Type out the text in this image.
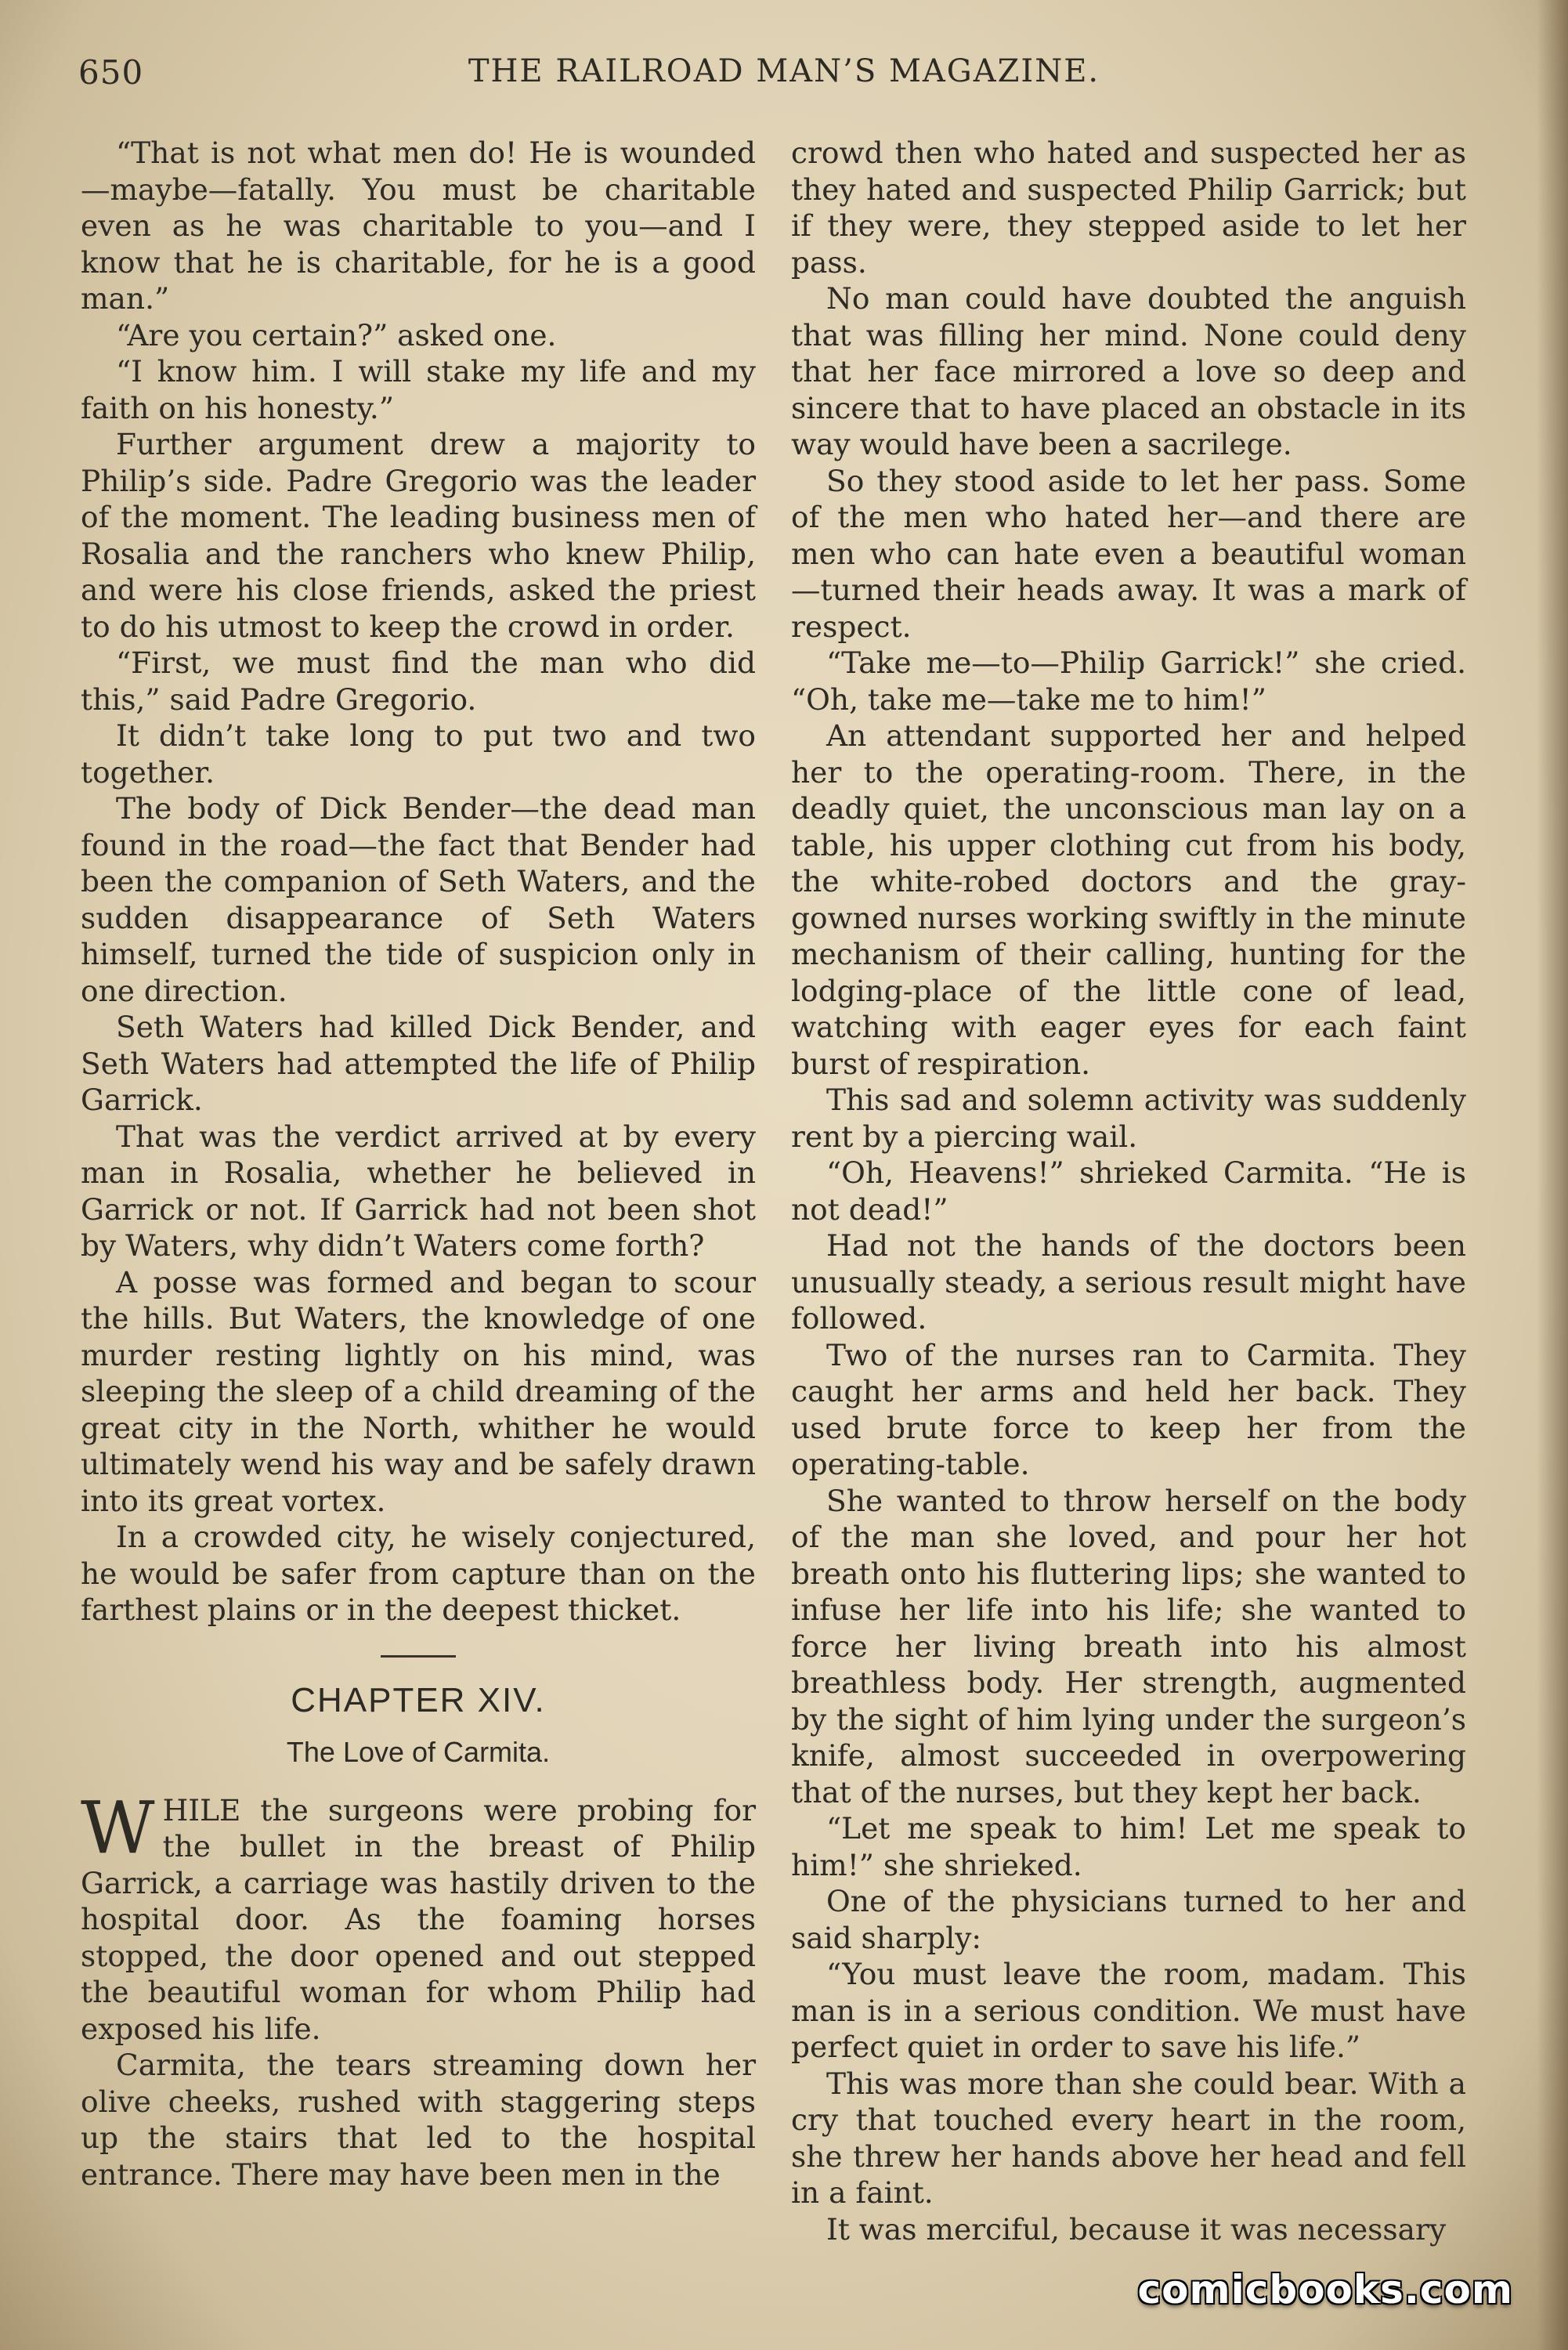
650	THE RAILROAD MAN’S MAGAZINE.

“That is not what men do! He is wounded —maybe—fatally. You must be charitable even as he was charitable to you—and I know that he is charitable, for he is a good man.”

“Are you certain?” asked one.

“I know him. I will stake my life and my faith on his honesty.”

Further argument drew a majority to Philip’s side. Padre Gregorio was the leader of the moment. The leading business men of Rosalia and the ranchers who knew Philip, and were his close friends, asked the priest to do his utmost to keep the crowd in order.

“First, we must find the man who did this,” said Padre Gregorio.

It didn’t take long to put two and two together.

The body of Dick Bender—the dead man found in the road—the fact that Bender had been the companion of Seth Waters, and the sudden disappearance of Seth Waters himself, turned the tide of suspicion only in one direction.

Seth Waters had killed Dick Bender, and Seth Waters had attempted the life of Philip Garrick.

That was the verdict arrived at by every man in Rosalia, whether he believed in Garrick or not. If Garrick had not been shot by Waters, why didn’t Waters come forth?

A posse was formed and began to scour the hills. But Waters, the knowledge of one murder resting lightly on his mind, was sleeping the sleep of a child dreaming of the great city in the North, whither he would ultimately wend his way and be safely drawn into its great vortex.

In a crowded city, he wisely conjectured, he would be safer from capture than on the farthest plains or in the deepest thicket.

CHAPTER XIV.
The Love of Carmita.

WHILE the surgeons were probing for the bullet in the breast of Philip Garrick, a carriage was hastily driven to the hospital door. As the foaming horses stopped, the door opened and out stepped the beautiful woman for whom Philip had exposed his life.

Carmita, the tears streaming down her olive cheeks, rushed with staggering steps up the stairs that led to the hospital entrance. There may have been men in the

crowd then who hated and suspected her as they hated and suspected Philip Garrick; but if they were, they stepped aside to let her pass.

No man could have doubted the anguish that was filling her mind. None could deny that her face mirrored a love so deep and sincere that to have placed an obstacle in its way would have been a sacrilege.

So they stood aside to let her pass. Some of the men who hated her—and there are men who can hate even a beautiful woman —turned their heads away. It was a mark of respect.

“Take me—to—Philip Garrick!” she cried. “Oh, take me—take me to him!”

An attendant supported her and helped her to the operating-room. There, in the deadly quiet, the unconscious man lay on a table, his upper clothing cut from his body, the white-robed doctors and the gray-gowned nurses working swiftly in the minute mechanism of their calling, hunting for the lodging-place of the little cone of lead, watching with eager eyes for each faint burst of respiration.

This sad and solemn activity was suddenly rent by a piercing wail.

“Oh, Heavens!” shrieked Carmita. “He is not dead!”

Had not the hands of the doctors been unusually steady, a serious result might have followed.

Two of the nurses ran to Carmita. They caught her arms and held her back. They used brute force to keep her from the operating-table.

She wanted to throw herself on the body of the man she loved, and pour her hot breath onto his fluttering lips; she wanted to infuse her life into his life; she wanted to force her living breath into his almost breathless body. Her strength, augmented by the sight of him lying under the surgeon’s knife, almost succeeded in overpowering that of the nurses, but they kept her back.

“Let me speak to him! Let me speak to him!” she shrieked.

One of the physicians turned to her and said sharply:

“You must leave the room, madam. This man is in a serious condition. We must have perfect quiet in order to save his life.”

This was more than she could bear. With a cry that touched every heart in the room, she threw her hands above her head and fell in a faint.

It was merciful, because it was necessary

comicbooks.com
